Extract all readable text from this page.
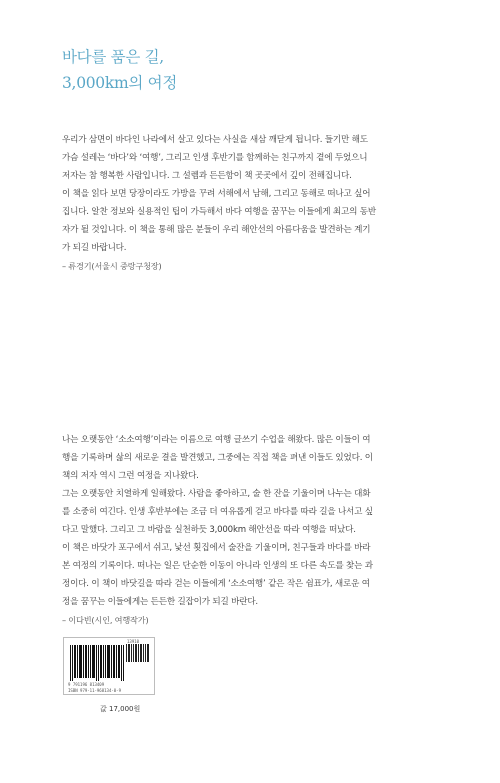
바다를 품은 길,
3,000km의 여정

우리가 삼면이 바다인 나라에서 살고 있다는 사실을 새삼 깨닫게 됩니다. 들기만 해도

가슴 설레는 ‘바다’와 ‘여행’, 그리고 인생 후반기를 함께하는 친구까지 곁에 두었으니

저자는 참 행복한 사람입니다. 그 설렘과 든든함이 책 곳곳에서 깊이 전해집니다.

이 책을 읽다 보면 당장이라도 가방을 꾸려 서해에서 남해, 그리고 동해로 떠나고 싶어

집니다. 알찬 정보와 실용적인 팁이 가득해서 바다 여행을 꿈꾸는 이들에게 최고의 동반

자가 될 것입니다. 이 책을 통해 많은 분들이 우리 해안선의 아름다움을 발견하는 계기

가 되길 바랍니다.

– 류경기(서울시 중랑구청장)

나는 오랫동안 ‘소소여행’이라는 이름으로 여행 글쓰기 수업을 해왔다. 많은 이들이 여

행을 기록하며 삶의 새로운 결을 발견했고, 그중에는 직접 책을 펴낸 이들도 있었다. 이

책의 저자 역시 그런 여정을 지나왔다.

그는 오랫동안 치열하게 일해왔다. 사람을 좋아하고, 술 한 잔을 기울이며 나누는 대화

를 소중히 여긴다. 인생 후반부에는 조금 더 여유롭게 걷고 바다를 따라 길을 나서고 싶

다고 말했다. 그리고 그 바람을 실천하듯 3,000km 해안선을 따라 여행을 떠났다.

이 책은 바닷가 포구에서 쉬고, 낯선 횟집에서 술잔을 기울이며, 친구들과 바다를 바라

본 여정의 기록이다. 떠나는 일은 단순한 이동이 아니라 인생의 또 다른 속도를 찾는 과

정이다. 이 책이 바닷길을 따라 걷는 이들에게 ‘소소여행’ 같은 작은 쉼표가, 새로운 여

정을 꿈꾸는 이들에게는 든든한 길잡이가 되길 바란다.

– 이다빈(시인, 여행작가)

13910
9 791196 813409
ISBN 979-11-968134-0-9
값 17,000원
